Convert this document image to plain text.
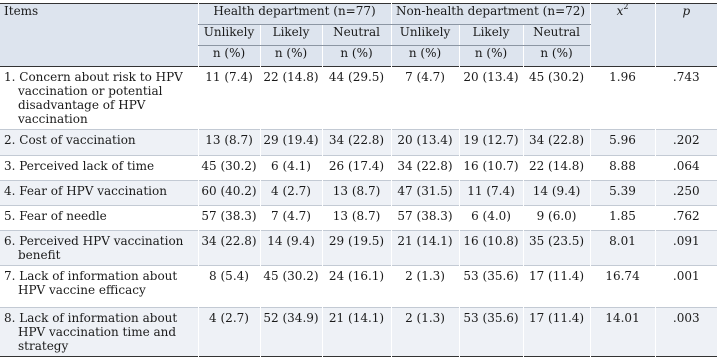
Items	Health department (n=77)			Non-health department (n=72)			$x^2$	p
	Unlikely	Likely	Neutral	Unlikely	Likely	Neutral		
	n (%)	n (%)	n (%)	n (%)	n (%)	n (%)		

1. Concern about risk to HPV vaccination or potential disadvantage of HPV vaccination	11 (7.4)	22 (14.8)	44 (29.5)	7 (4.7)	20 (13.4)	45 (30.2)	1.96	.743

2. Cost of vaccination	13 (8.7)	29 (19.4)	34 (22.8)	20 (13.4)	19 (12.7)	34 (22.8)	5.96	.202

3. Perceived lack of time	45 (30.2)	6 (4.1)	26 (17.4)	34 (22.8)	16 (10.7)	22 (14.8)	8.88	.064

4. Fear of HPV vaccination	60 (40.2)	4 (2.7)	13 (8.7)	47 (31.5)	11 (7.4)	14 (9.4)	5.39	.250

5. Fear of needle	57 (38.3)	7 (4.7)	13 (8.7)	57 (38.3)	6 (4.0)	9 (6.0)	1.85	.762

6. Perceived HPV vaccination benefit	34 (22.8)	14 (9.4)	29 (19.5)	21 (14.1)	16 (10.8)	35 (23.5)	8.01	.091

7. Lack of information about HPV vaccine efficacy	8 (5.4)	45 (30.2)	24 (16.1)	2 (1.3)	53 (35.6)	17 (11.4)	16.74	.001

8. Lack of information about HPV vaccination time and strategy	4 (2.7)	52 (34.9)	21 (14.1)	2 (1.3)	53 (35.6)	17 (11.4)	14.01	.003
